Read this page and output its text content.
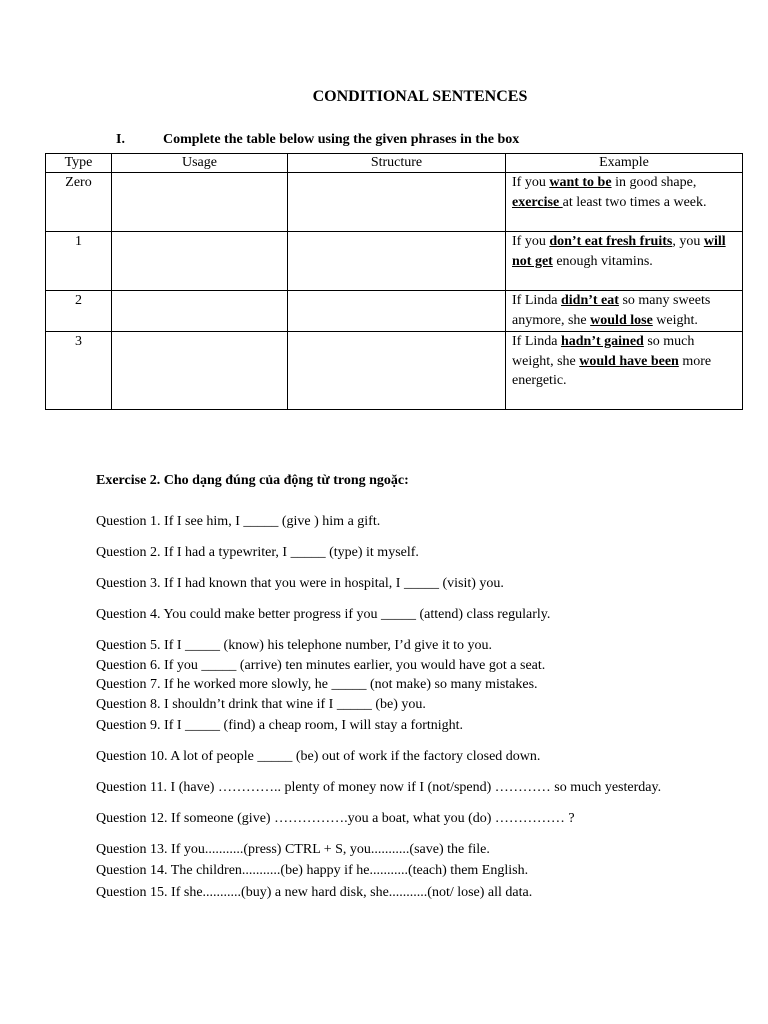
CONDITIONAL SENTENCES
I.	Complete the table below using the given phrases in the box
Type	Usage	Structure	Example
Zero			If you want to be in good shape, exercise at least two times a week.
1			If you don’t eat fresh fruits, you will not get enough vitamins.
2			If Linda didn’t eat so many sweets anymore, she would lose weight.
3			If Linda hadn’t gained so much weight, she would have been more energetic.
Exercise 2. Cho dạng đúng của động từ trong ngoặc:
Question 1. If I see him, I _____ (give ) him a gift.
Question 2. If I had a typewriter, I _____ (type) it myself.
Question 3. If I had known that you were in hospital, I _____ (visit) you.
Question 4. You could make better progress if you _____ (attend) class regularly.
Question 5. If I _____ (know) his telephone number, I’d give it to you.
Question 6. If you _____ (arrive) ten minutes earlier, you would have got a seat.
Question 7. If he worked more slowly, he _____ (not make) so many mistakes.
Question 8. I shouldn’t drink that wine if I _____ (be) you.
Question 9. If I _____ (find) a cheap room, I will stay a fortnight.
Question 10. A lot of people _____ (be) out of work if the factory closed down.
Question 11. I (have) ………….. plenty of money now if I (not/spend) ………… so much yesterday.
Question 12. If someone (give) …………….you a boat, what you (do) …………… ?
Question 13. If you...........(press) CTRL + S, you...........(save) the file.
Question 14. The children...........(be) happy if he...........(teach) them English.
Question 15. If she...........(buy) a new hard disk, she...........(not/ lose) all data.
